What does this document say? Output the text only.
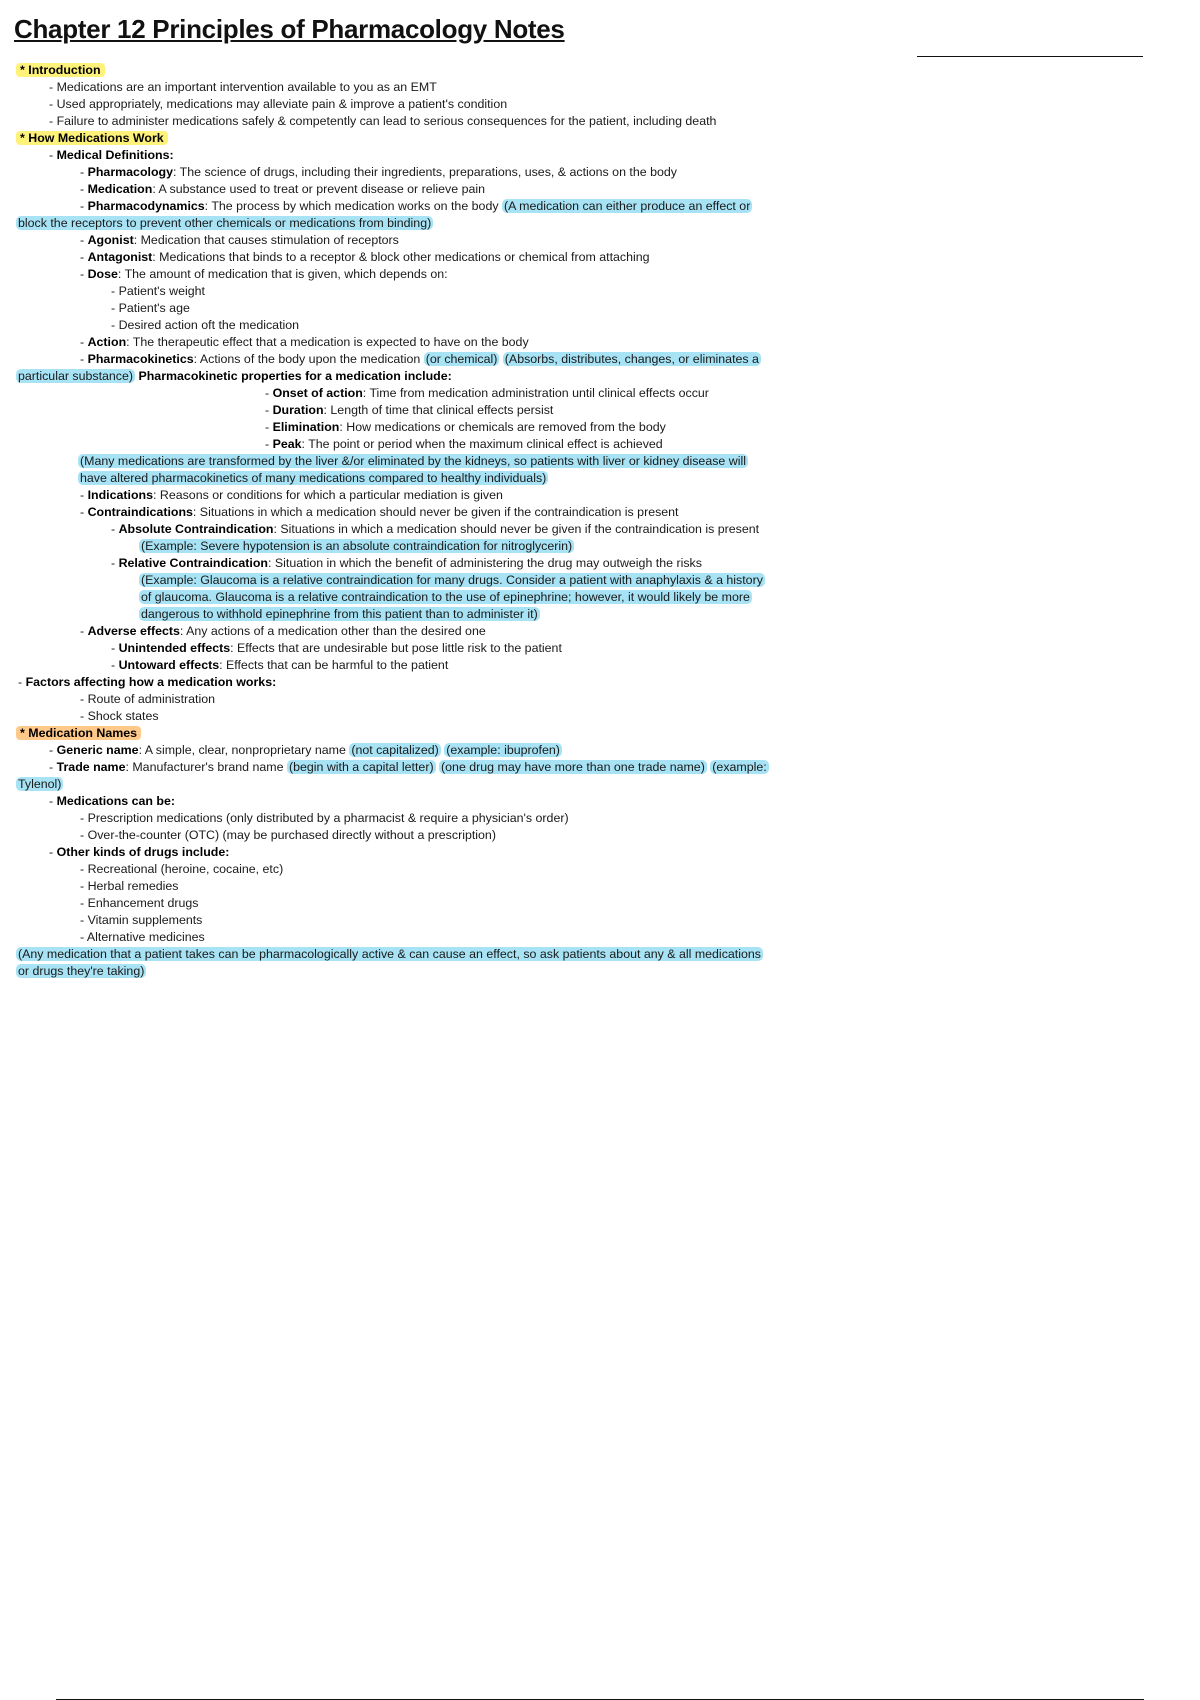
Chapter 12 Principles of Pharmacology Notes
* Introduction
- Medications are an important intervention available to you as an EMT
- Used appropriately, medications may alleviate pain & improve a patient's condition
- Failure to administer medications safely & competently can lead to serious consequences for the patient, including death
* How Medications Work
- Medical Definitions:
- Pharmacology: The science of drugs, including their ingredients, preparations, uses, & actions on the body
- Medication: A substance used to treat or prevent disease or relieve pain
- Pharmacodynamics: The process by which medication works on the body (A medication can either produce an effect or
block the receptors to prevent other chemicals or medications from binding)
- Agonist: Medication that causes stimulation of receptors
- Antagonist: Medications that binds to a receptor & block other medications or chemical from attaching
- Dose: The amount of medication that is given, which depends on:
- Patient's weight
- Patient's age
- Desired action oft the medication
- Action: The therapeutic effect that a medication is expected to have on the body
- Pharmacokinetics: Actions of the body upon the medication (or chemical) (Absorbs, distributes, changes, or eliminates a
particular substance) Pharmacokinetic properties for a medication include:
- Onset of action: Time from medication administration until clinical effects occur
- Duration: Length of time that clinical effects persist
- Elimination: How medications or chemicals are removed from the body
- Peak: The point or period when the maximum clinical effect is achieved
(Many medications are transformed by the liver &/or eliminated by the kidneys, so patients with liver or kidney disease will
have altered pharmacokinetics of many medications compared to healthy individuals)
- Indications: Reasons or conditions for which a particular mediation is given
- Contraindications: Situations in which a medication should never be given if the contraindication is present
- Absolute Contraindication: Situations in which a medication should never be given if the contraindication is present
(Example: Severe hypotension is an absolute contraindication for nitroglycerin)
- Relative Contraindication: Situation in which the benefit of administering the drug may outweigh the risks
(Example: Glaucoma is a relative contraindication for many drugs. Consider a patient with anaphylaxis & a history
of glaucoma. Glaucoma is a relative contraindication to the use of epinephrine; however, it would likely be more
dangerous to withhold epinephrine from this patient than to administer it)
- Adverse effects: Any actions of a medication other than the desired one
- Unintended effects: Effects that are undesirable but pose little risk to the patient
- Untoward effects: Effects that can be harmful to the patient
- Factors affecting how a medication works:
- Route of administration
- Shock states
* Medication Names
- Generic name: A simple, clear, nonproprietary name (not capitalized) (example: ibuprofen)
- Trade name: Manufacturer's brand name (begin with a capital letter) (one drug may have more than one trade name) (example:
Tylenol)
- Medications can be:
- Prescription medications (only distributed by a pharmacist & require a physician's order)
- Over-the-counter (OTC) (may be purchased directly without a prescription)
- Other kinds of drugs include:
- Recreational (heroine, cocaine, etc)
- Herbal remedies
- Enhancement drugs
- Vitamin supplements
- Alternative medicines
(Any medication that a patient takes can be pharmacologically active & can cause an effect, so ask patients about any & all medications
or drugs they're taking)
